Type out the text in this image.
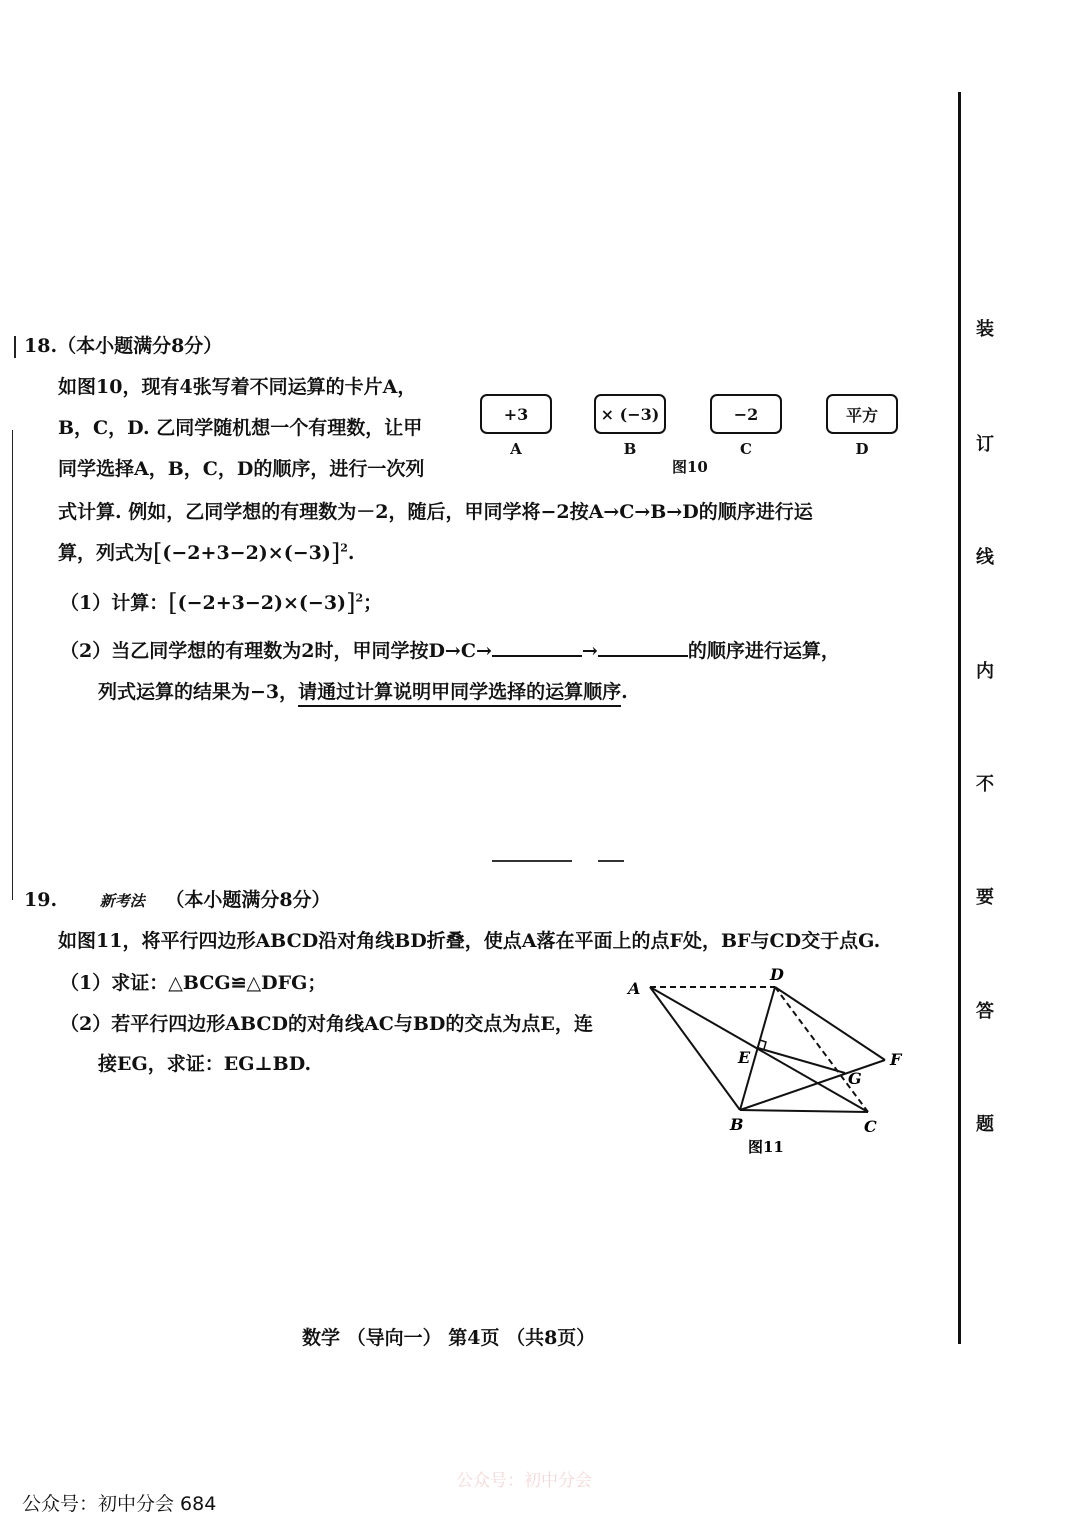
装
订
线
内
不
要
答
题
18.（本小题满分8分）
如图10，现有4张写着不同运算的卡片A，
B，C，D. 乙同学随机想一个有理数，让甲
同学选择A，B，C，D的顺序，进行一次列
式计算. 例如，乙同学想的有理数为－2，随后，甲同学将−2按A→C→B→D的顺序进行运
算，列式为$[(-2+3-2)\times(-3)]^2$.
+3
A
× (−3)
B
−2
C
平方
D
图10
（1）计算：$[(-2+3-2)\times(-3)]^2$；
（2）当乙同学想的有理数为2时，甲同学按D→C→	→	的顺序进行运算，
列式运算的结果为−3，请通过计算说明甲同学选择的运算顺序.
19.	新考法 （本小题满分8分）
如图11，将平行四边形ABCD沿对角线BD折叠，使点A落在平面上的点F处，BF与CD交于点G.
（1）求证：△BCG≌△DFG；
（2）若平行四边形ABCD的对角线AC与BD的交点为点E，连
接EG，求证：EG⊥BD.
A
D
E	F
G
B	C
图11
数学 （导向一） 第4页 （共8页）
公众号：初中分会
公众号：初中分会 684
